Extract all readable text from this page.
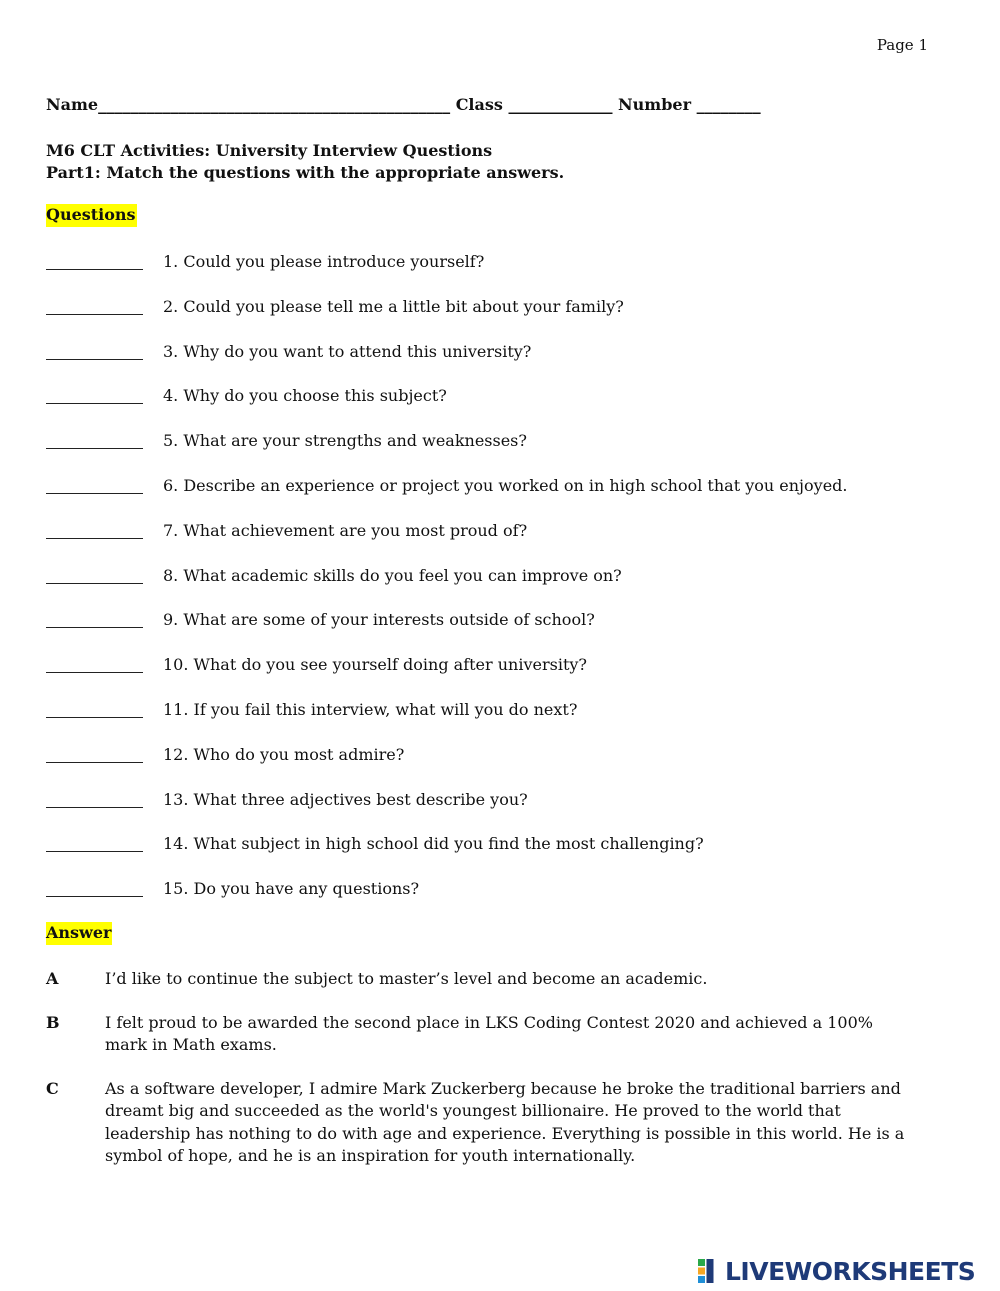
Page 1
Name____________________________________________ Class _____________ Number ________
M6 CLT Activities: University Interview Questions
Part1: Match the questions with the appropriate answers.
Questions
1. Could you please introduce yourself?
2. Could you please tell me a little bit about your family?
3. Why do you want to attend this university?
4. Why do you choose this subject?
5. What are your strengths and weaknesses?
6. Describe an experience or project you worked on in high school that you enjoyed.
7. What achievement are you most proud of?
8. What academic skills do you feel you can improve on?
9. What are some of your interests outside of school?
10. What do you see yourself doing after university?
11. If you fail this interview, what will you do next?
12. Who do you most admire?
13. What three adjectives best describe you?
14. What subject in high school did you find the most challenging?
15. Do you have any questions?
Answer
A	I’d like to continue the subject to master’s level and become an academic.
B	I felt proud to be awarded the second place in LKS Coding Contest 2020 and achieved a 100% mark in Math exams.
C	As a software developer, I admire Mark Zuckerberg because he broke the traditional barriers and dreamt big and succeeded as the world's youngest billionaire. He proved to the world that leadership has nothing to do with age and experience. Everything is possible in this world. He is a symbol of hope, and he is an inspiration for youth internationally.
LIVEWORKSHEETS
